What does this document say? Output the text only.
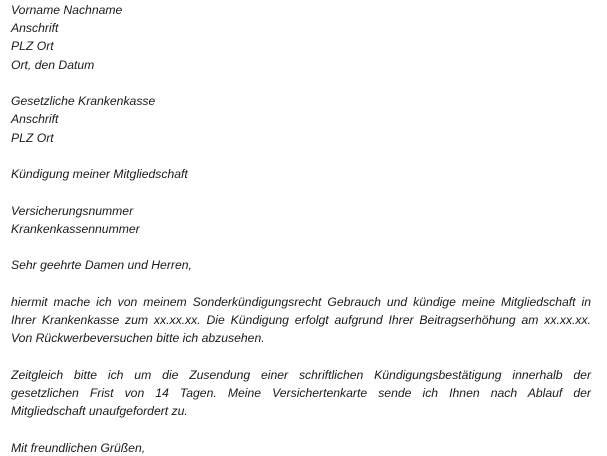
Vorname Nachname
Anschrift
PLZ Ort
Ort, den Datum
Gesetzliche Krankenkasse
Anschrift
PLZ Ort
Kündigung meiner Mitgliedschaft
Versicherungsnummer
Krankenkassennummer
Sehr geehrte Damen und Herren,
hiermit mache ich von meinem Sonderkündigungsrecht Gebrauch und kündige meine Mitgliedschaft in
Ihrer Krankenkasse zum xx.xx.xx. Die Kündigung erfolgt aufgrund Ihrer Beitragserhöhung am xx.xx.xx.
Von Rückwerbeversuchen bitte ich abzusehen.
Zeitgleich bitte ich um die Zusendung einer schriftlichen Kündigungsbestätigung innerhalb der
gesetzlichen Frist von 14 Tagen. Meine Versichertenkarte sende ich Ihnen nach Ablauf der
Mitgliedschaft unaufgefordert zu.
Mit freundlichen Grüßen,
